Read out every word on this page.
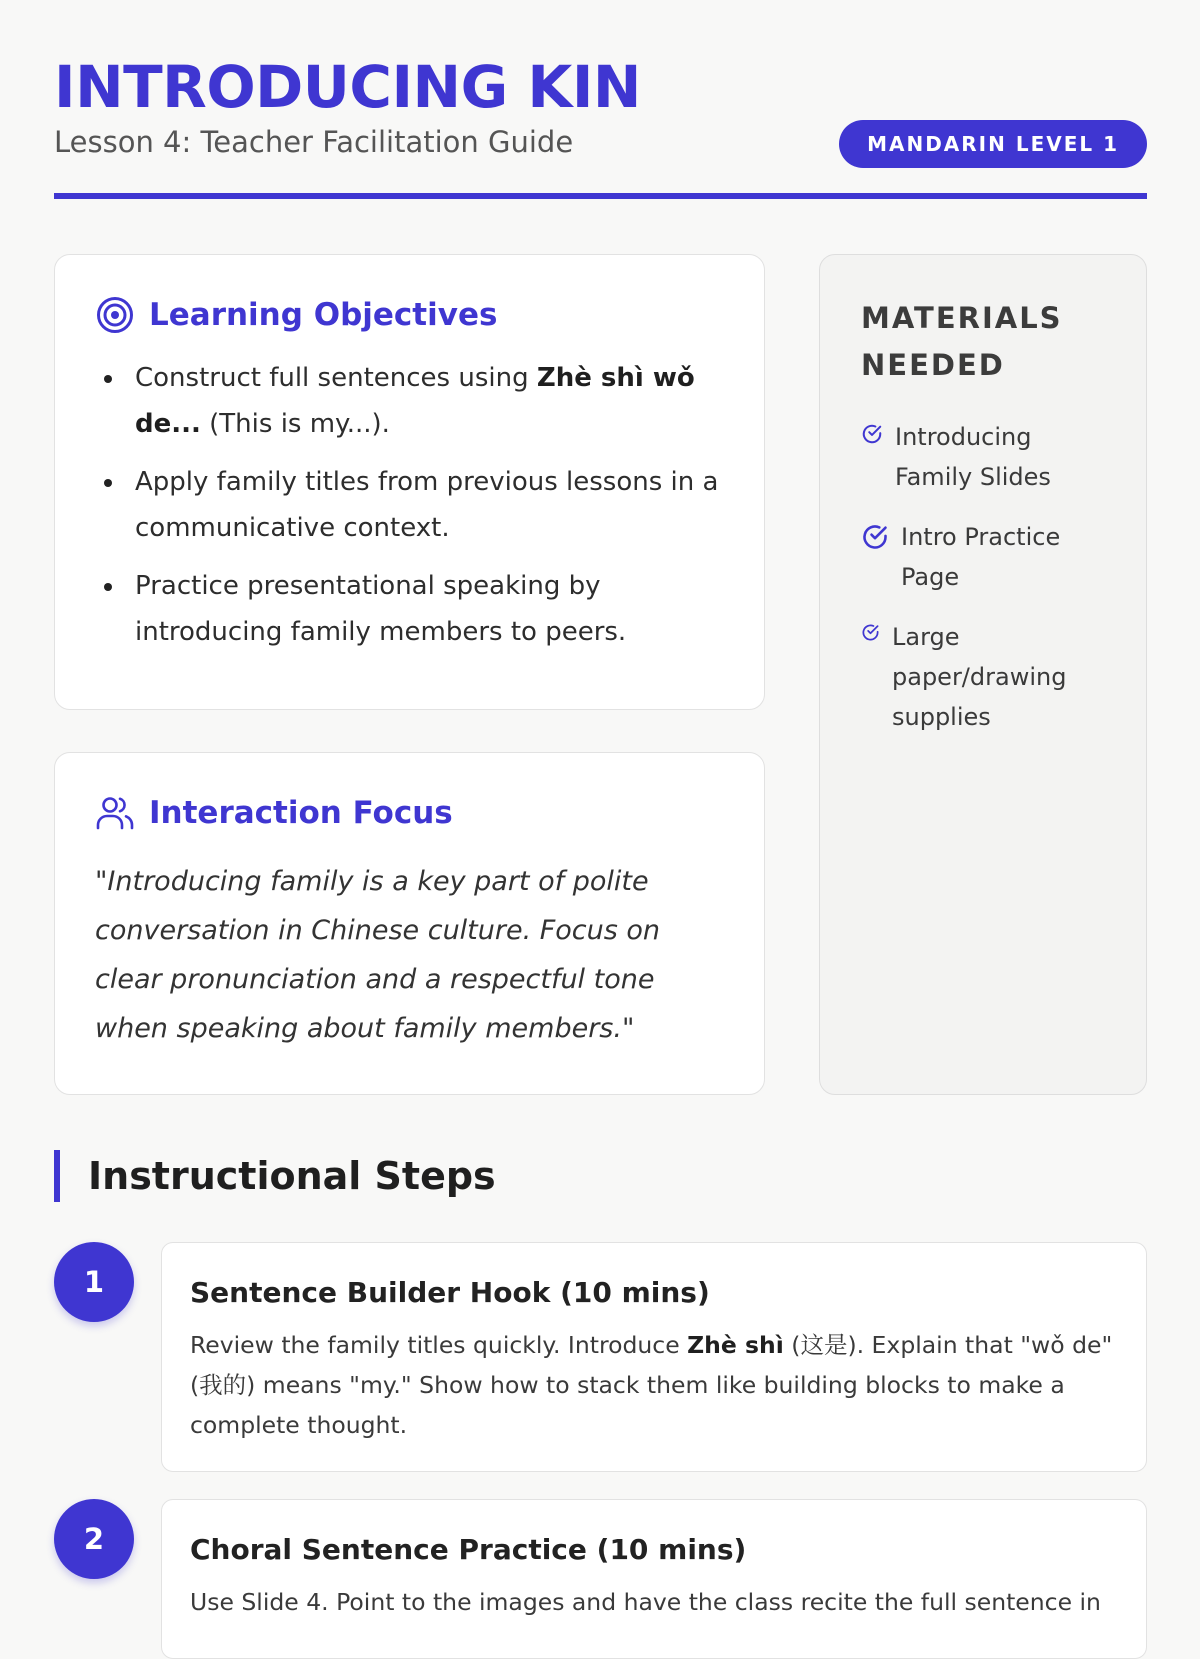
INTRODUCING KIN
Lesson 4: Teacher Facilitation Guide	MANDARIN LEVEL 1
Learning Objectives
Construct full sentences using Zhè shì wǒ de... (This is my...).
Apply family titles from previous lessons in a communicative context.
Practice presentational speaking by introducing family members to peers.
Interaction Focus

"Introducing family is a key part of polite conversation in Chinese culture. Focus on clear pronunciation and a respectful tone when speaking about family members."

MATERIALS NEEDED
Introducing Family Slides
Intro Practice Page
Large paper/drawing supplies
Instructional Steps
1	Sentence Builder Hook (10 mins)

Review the family titles quickly. Introduce Zhè shì (这是). Explain that "wǒ de" (我的) means "my." Show how to stack them like building blocks to make a complete thought.

2	Choral Sentence Practice (10 mins)

Use Slide 4. Point to the images and have the class recite the full sentence in
